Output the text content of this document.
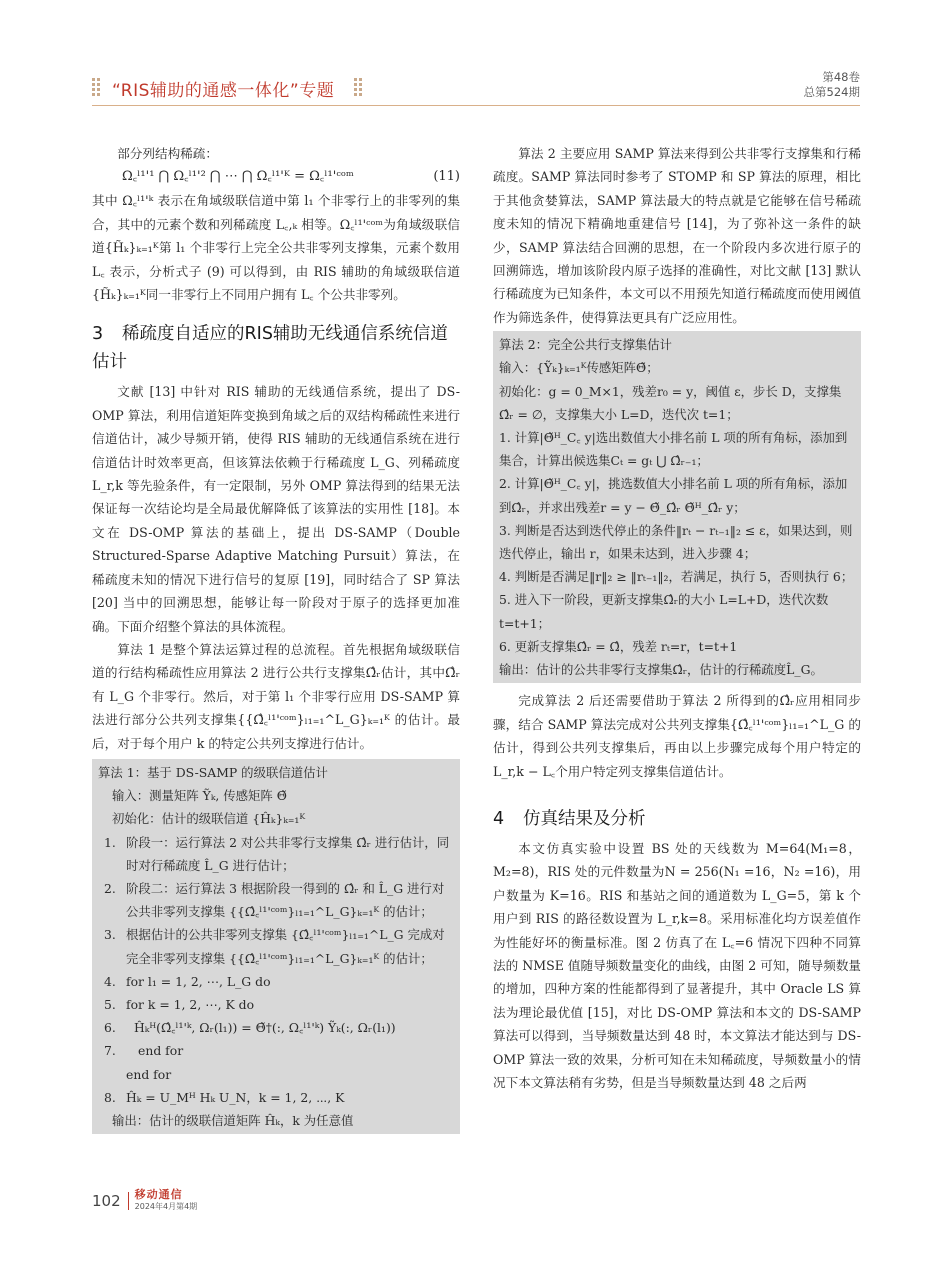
“RIS辅助的通感一体化”专题
第48卷
总第524期
部分列结构稀疏：
Ω꜀ˡ¹'¹ ⋂ Ω꜀ˡ¹'² ⋂ ⋯ ⋂ Ω꜀ˡ¹'ᴷ = Ω꜀ˡ¹'ᶜᵒᵐ	(11)
其中 Ω꜀ˡ¹'ᵏ 表示在角域级联信道中第 l₁ 个非零行上的非零列的集合，其中的元素个数和列稀疏度 L꜀,ₖ 相等。Ω꜀ˡ¹'ᶜᵒᵐ为角域级联信道{H̃ₖ}ₖ₌₁ᴷ第 l₁ 个非零行上完全公共非零列支撑集，元素个数用 L꜀ 表示，分析式子 (9) 可以得到，由 RIS 辅助的角域级联信道{H̃ₖ}ₖ₌₁ᴷ同一非零行上不同用户拥有 L꜀ 个公共非零列。
3 稀疏度自适应的RIS辅助无线通信系统信道估计
文献 [13] 中针对 RIS 辅助的无线通信系统，提出了 DS-OMP 算法，利用信道矩阵变换到角域之后的双结构稀疏性来进行信道估计，减少导频开销，使得 RIS 辅助的无线通信系统在进行信道估计时效率更高，但该算法依赖于行稀疏度 L_G、列稀疏度 L_r,k 等先验条件，有一定限制，另外 OMP 算法得到的结果无法保证每一次结论均是全局最优解降低了该算法的实用性 [18]。本文在 DS-OMP 算法的基础上，提出 DS-SAMP（Double Structured-Sparse Adaptive Matching Pursuit）算法，在稀疏度未知的情况下进行信号的复原 [19]，同时结合了 SP 算法 [20] 当中的回溯思想，能够让每一阶段对于原子的选择更加准确。下面介绍整个算法的具体流程。
算法 1 是整个算法运算过程的总流程。首先根据角域级联信道的行结构稀疏性应用算法 2 进行公共行支撑集Ω̂ᵣ估计，其中Ω̂ᵣ有 L_G 个非零行。然后，对于第 l₁ 个非零行应用 DS-SAMP 算法进行部分公共列支撑集{{Ω̂꜀ˡ¹'ᶜᵒᵐ}ₗ₁₌₁^L_G}ₖ₌₁ᴷ 的估计。最后，对于每个用户 k 的特定公共列支撑进行估计。
算法 1：基于 DS-SAMP 的级联信道估计
输入：测量矩阵 Ỹₖ, 传感矩阵 Θ̃
初始化：估计的级联信道 {Ĥₖ}ₖ₌₁ᴷ
1. 阶段一：运行算法 2 对公共非零行支撑集 Ω̂ᵣ 进行估计，同时对行稀疏度 L̂_G 进行估计；
2. 阶段二：运行算法 3 根据阶段一得到的 Ω̂ᵣ 和 L̂_G 进行对公共非零列支撑集 {{Ω̂꜀ˡ¹'ᶜᵒᵐ}ₗ₁₌₁^L_G}ₖ₌₁ᴷ 的估计；
3. 根据估计的公共非零列支撑集 {Ω̂꜀ˡ¹'ᶜᵒᵐ}ₗ₁₌₁^L_G 完成对完全非零列支撑集 {{Ω̂꜀ˡ¹'ᶜᵒᵐ}ₗ₁₌₁^L_G}ₖ₌₁ᴷ 的估计；
4. for l₁ = 1, 2, ⋯, L_G do
5. for k = 1, 2, ⋯, K do
6.	Ĥₖᴴ(Ω̂꜀ˡ¹'ᵏ, Ωᵣ(l₁)) = Θ̃†(:, Ω꜀ˡ¹'ᵏ) Ỹₖ(:, Ωᵣ(l₁))
7.	end for
end for
8. Ĥₖ = U_Mᴴ Hₖ U_N，k = 1, 2, ⋯, K
输出：估计的级联信道矩阵 Ĥₖ，k 为任意值
算法 2 主要应用 SAMP 算法来得到公共非零行支撑集和行稀疏度。SAMP 算法同时参考了 STOMP 和 SP 算法的原理，相比于其他贪婪算法，SAMP 算法最大的特点就是它能够在信号稀疏度未知的情况下精确地重建信号 [14]，为了弥补这一条件的缺少，SAMP 算法结合回溯的思想，在一个阶段内多次进行原子的回溯筛选，增加该阶段内原子选择的准确性，对比文献 [13] 默认行稀疏度为已知条件，本文可以不用预先知道行稀疏度而使用阈值作为筛选条件，使得算法更具有广泛应用性。
算法 2：完全公共行支撑集估计
输入：{Ỹₖ}ₖ₌₁ᴷ传感矩阵Θ̃；
初始化：g = 0_M×1，残差r₀ = y，阈值 ε，步长 D，支撑集 Ω̂ᵣ = ∅，支撑集大小 L=D，迭代次 t=1；
1. 计算|Θ̃ᴴ_C꜀ y|选出数值大小排名前 L 项的所有角标，添加到集合，计算出候选集Cₜ = gₜ ⋃ Ω̂ᵣ₋₁；
2. 计算|Θ̃ᴴ_C꜀ y|，挑选数值大小排名前 L 项的所有角标，添加到Ω̂ᵣ，并求出残差r = y − Θ̃_Ω̂ᵣ Θ̃ᴴ_Ω̂ᵣ y；
3. 判断是否达到迭代停止的条件‖rₜ − rₜ₋₁‖₂ ≤ ε，如果达到，则迭代停止，输出 r，如果未达到，进入步骤 4；
4. 判断是否满足‖r‖₂ ≥ ‖rₜ₋₁‖₂，若满足，执行 5，否则执行 6；
5. 进入下一阶段，更新支撑集Ω̂ᵣ的大小 L=L+D，迭代次数 t=t+1；
6. 更新支撑集Ω̂ᵣ = Ω̂，残差 rₜ=r，t=t+1
输出：估计的公共非零行支撑集Ω̂ᵣ，估计的行稀疏度L̂_G。
完成算法 2 后还需要借助于算法 2 所得到的Ω̂ᵣ应用相同步骤，结合 SAMP 算法完成对公共列支撑集{Ω̂꜀ˡ¹'ᶜᵒᵐ}ₗ₁₌₁^L_G 的估计，得到公共列支撑集后，再由以上步骤完成每个用户特定的L_r,k − L꜀个用户特定列支撑集信道估计。
4 仿真结果及分析
本文仿真实验中设置 BS 处的天线数为 M=64(M₁=8，M₂=8)，RIS 处的元件数量为N = 256(N₁ =16，N₂ =16)，用户数量为 K=16。RIS 和基站之间的通道数为 L_G=5，第 k 个用户到 RIS 的路径数设置为 L_r,k=8。采用标准化均方误差值作为性能好坏的衡量标准。图 2 仿真了在 L꜀=6 情况下四种不同算法的 NMSE 值随导频数量变化的曲线，由图 2 可知，随导频数量的增加，四种方案的性能都得到了显著提升，其中 Oracle LS 算法为理论最优值 [15]，对比 DS-OMP 算法和本文的 DS-SAMP 算法可以得到，当导频数量达到 48 时，本文算法才能达到与 DS-OMP 算法一致的效果，分析可知在未知稀疏度，导频数量小的情况下本文算法稍有劣势，但是当导频数量达到 48 之后两
102	移动通信
2024年4月第4期
